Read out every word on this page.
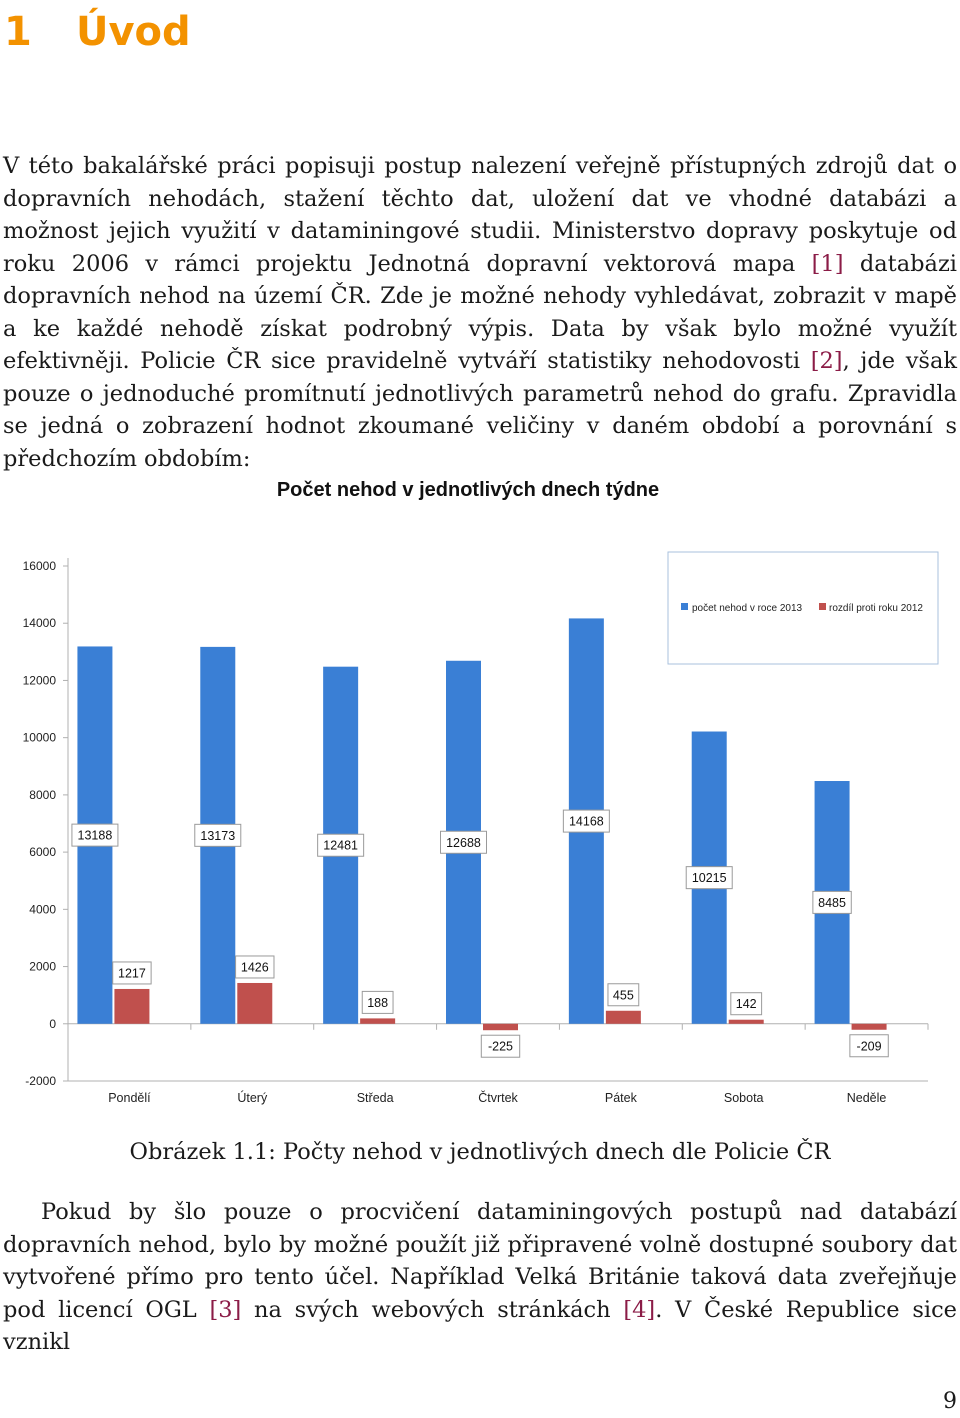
1 Úvod

V této bakalářské práci popisuji postup nalezení veřejně přístupných zdrojů dat o dopravních nehodách, stažení těchto dat, uložení dat ve vhodné databázi a možnost jejich využití v dataminingové studii. Ministerstvo dopravy poskytuje od roku 2006 v rámci projektu Jednotná dopravní vektorová mapa [1] databázi dopravních nehod na území ČR. Zde je možné nehody vyhledávat, zobrazit v mapě a ke každé nehodě získat podrobný výpis. Data by však bylo možné využít efektivněji. Policie ČR sice pravidelně vytváří statistiky nehodovosti [2], jde však pouze o jednoduché promítnutí jednotlivých parametrů nehod do grafu. Zpravidla se jedná o zobrazení hodnot zkoumané veličiny v daném období a porovnání s předchozím obdobím:

Počet nehod v jednotlivých dnech týdne
16000
14000
12000
10000
8000
6000
4000
2000
0
-2000
Pondělí
13188
1217
Úterý
13173
1426
Středa
12481
188
Čtvrtek
12688
-225
Pátek
14168
455
Sobota
10215
142
Neděle
8485
-209
počet nehod v roce 2013	rozdíl proti roku 2012

Obrázek 1.1: Počty nehod v jednotlivých dnech dle Policie ČR

Pokud by šlo pouze o procvičení dataminingových postupů nad databází dopravních nehod, bylo by možné použít již připravené volně dostupné soubory dat vytvořené přímo pro tento účel. Například Velká Británie taková data zveřejňuje pod licencí OGL [3] na svých webových stránkách [4]. V České Republice sice vznikl

9
